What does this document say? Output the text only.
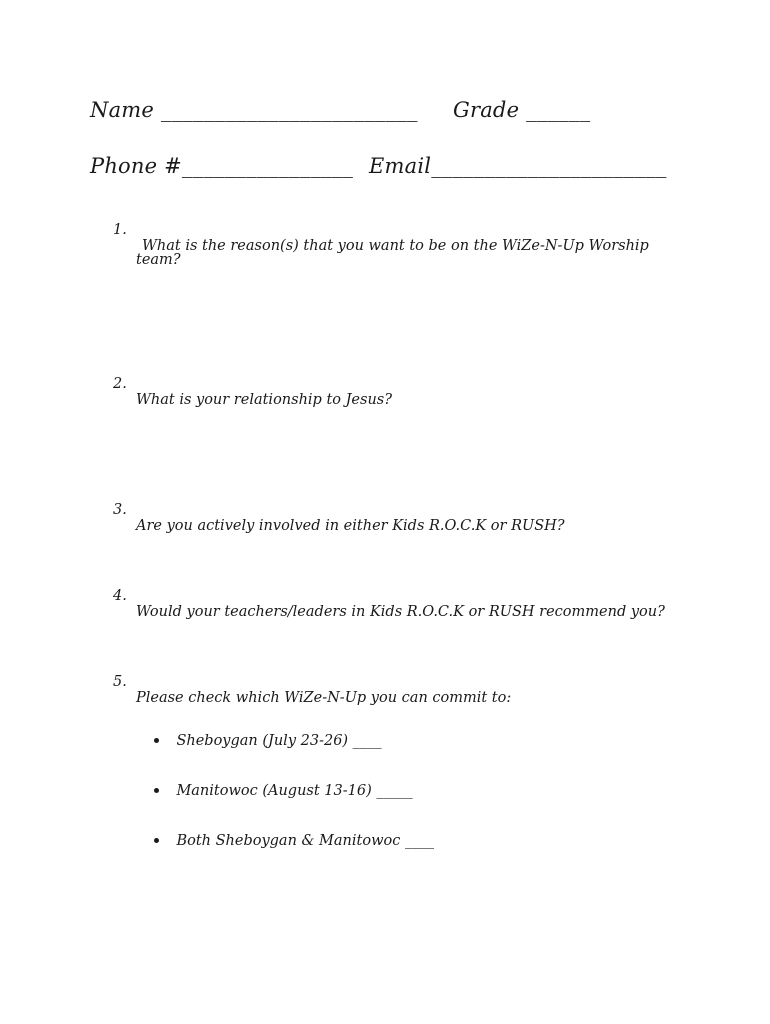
Name ________________________ Grade ______
Phone #________________ Email______________________

1.

What is the reason(s) that you want to be on the WiZe-N-Up Worship

team?

2.

What is your relationship to Jesus?

3.

Are you actively involved in either Kids R.O.C.K or RUSH?

4.

Would your teachers/leaders in Kids R.O.C.K or RUSH recommend you?

5.

Please check which WiZe-N-Up you can commit to:

Sheboygan (July 23-26) ____

Manitowoc (August 13-16) _____

Both Sheboygan & Manitowoc ____
